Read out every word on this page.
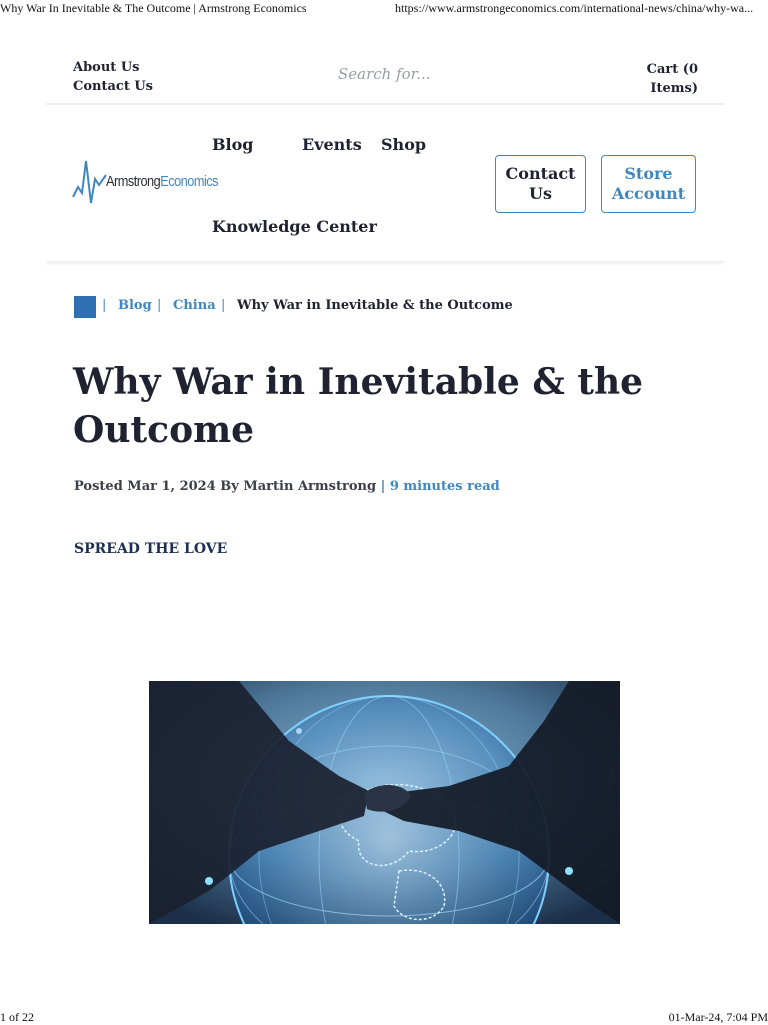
Why War In Inevitable & The Outcome | Armstrong Economics	https://www.armstrongeconomics.com/international-news/china/why-wa...
About Us
Contact Us
Search for...	Cart (0
Items)
ArmstrongEconomics
Blog	Events Shop
Knowledge Center
Contact
Us
Store
Account
| Blog | China | Why War in Inevitable & the Outcome
Why War in Inevitable & the Outcome
Posted Mar 1, 2024 By Martin Armstrong | 9 minutes read
SPREAD THE LOVE
1 of 22	01-Mar-24, 7:04 PM
